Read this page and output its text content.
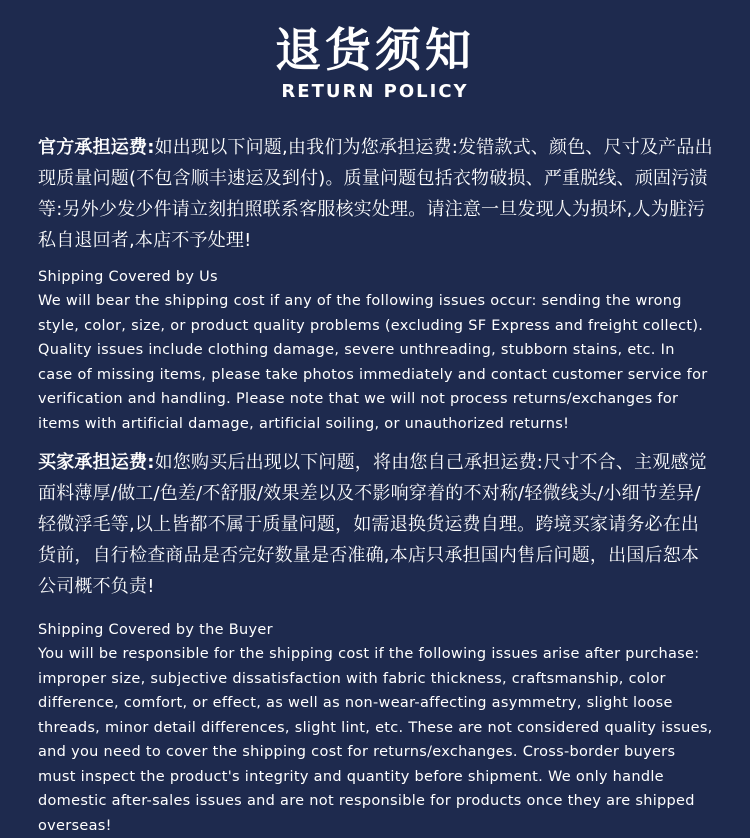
退货须知
RETURN POLICY
官方承担运费:如出现以下问题,由我们为您承担运费:发错款式、颜色、尺寸及产品出现质量问题(不包含顺丰速运及到付)。质量问题包括衣物破损、严重脱线、顽固污渍等:另外少发少件请立刻拍照联系客服核实处理。请注意一旦发现人为损坏,人为脏污私自退回者,本店不予处理!
Shipping Covered by Us
We will bear the shipping cost if any of the following issues occur: sending the wrong style, color, size, or product quality problems (excluding SF Express and freight collect). Quality issues include clothing damage, severe unthreading, stubborn stains, etc. In case of missing items, please take photos immediately and contact customer service for verification and handling. Please note that we will not process returns/exchanges for items with artificial damage, artificial soiling, or unauthorized returns!
买家承担运费:如您购买后出现以下问题，将由您自己承担运费:尺寸不合、主观感觉面料薄厚/做工/色差/不舒服/效果差以及不影响穿着的不对称/轻微线头/小细节差异/轻微浮毛等,以上皆都不属于质量问题，如需退换货运费自理。跨境买家请务必在出货前，自行检查商品是否完好数量是否准确,本店只承担国内售后问题，出国后恕本公司概不负责!
Shipping Covered by the Buyer
You will be responsible for the shipping cost if the following issues arise after purchase: improper size, subjective dissatisfaction with fabric thickness, craftsmanship, color difference, comfort, or effect, as well as non-wear-affecting asymmetry, slight loose threads, minor detail differences, slight lint, etc. These are not considered quality issues, and you need to cover the shipping cost for returns/exchanges. Cross-border buyers must inspect the product's integrity and quantity before shipment. We only handle domestic after-sales issues and are not responsible for products once they are shipped overseas!
